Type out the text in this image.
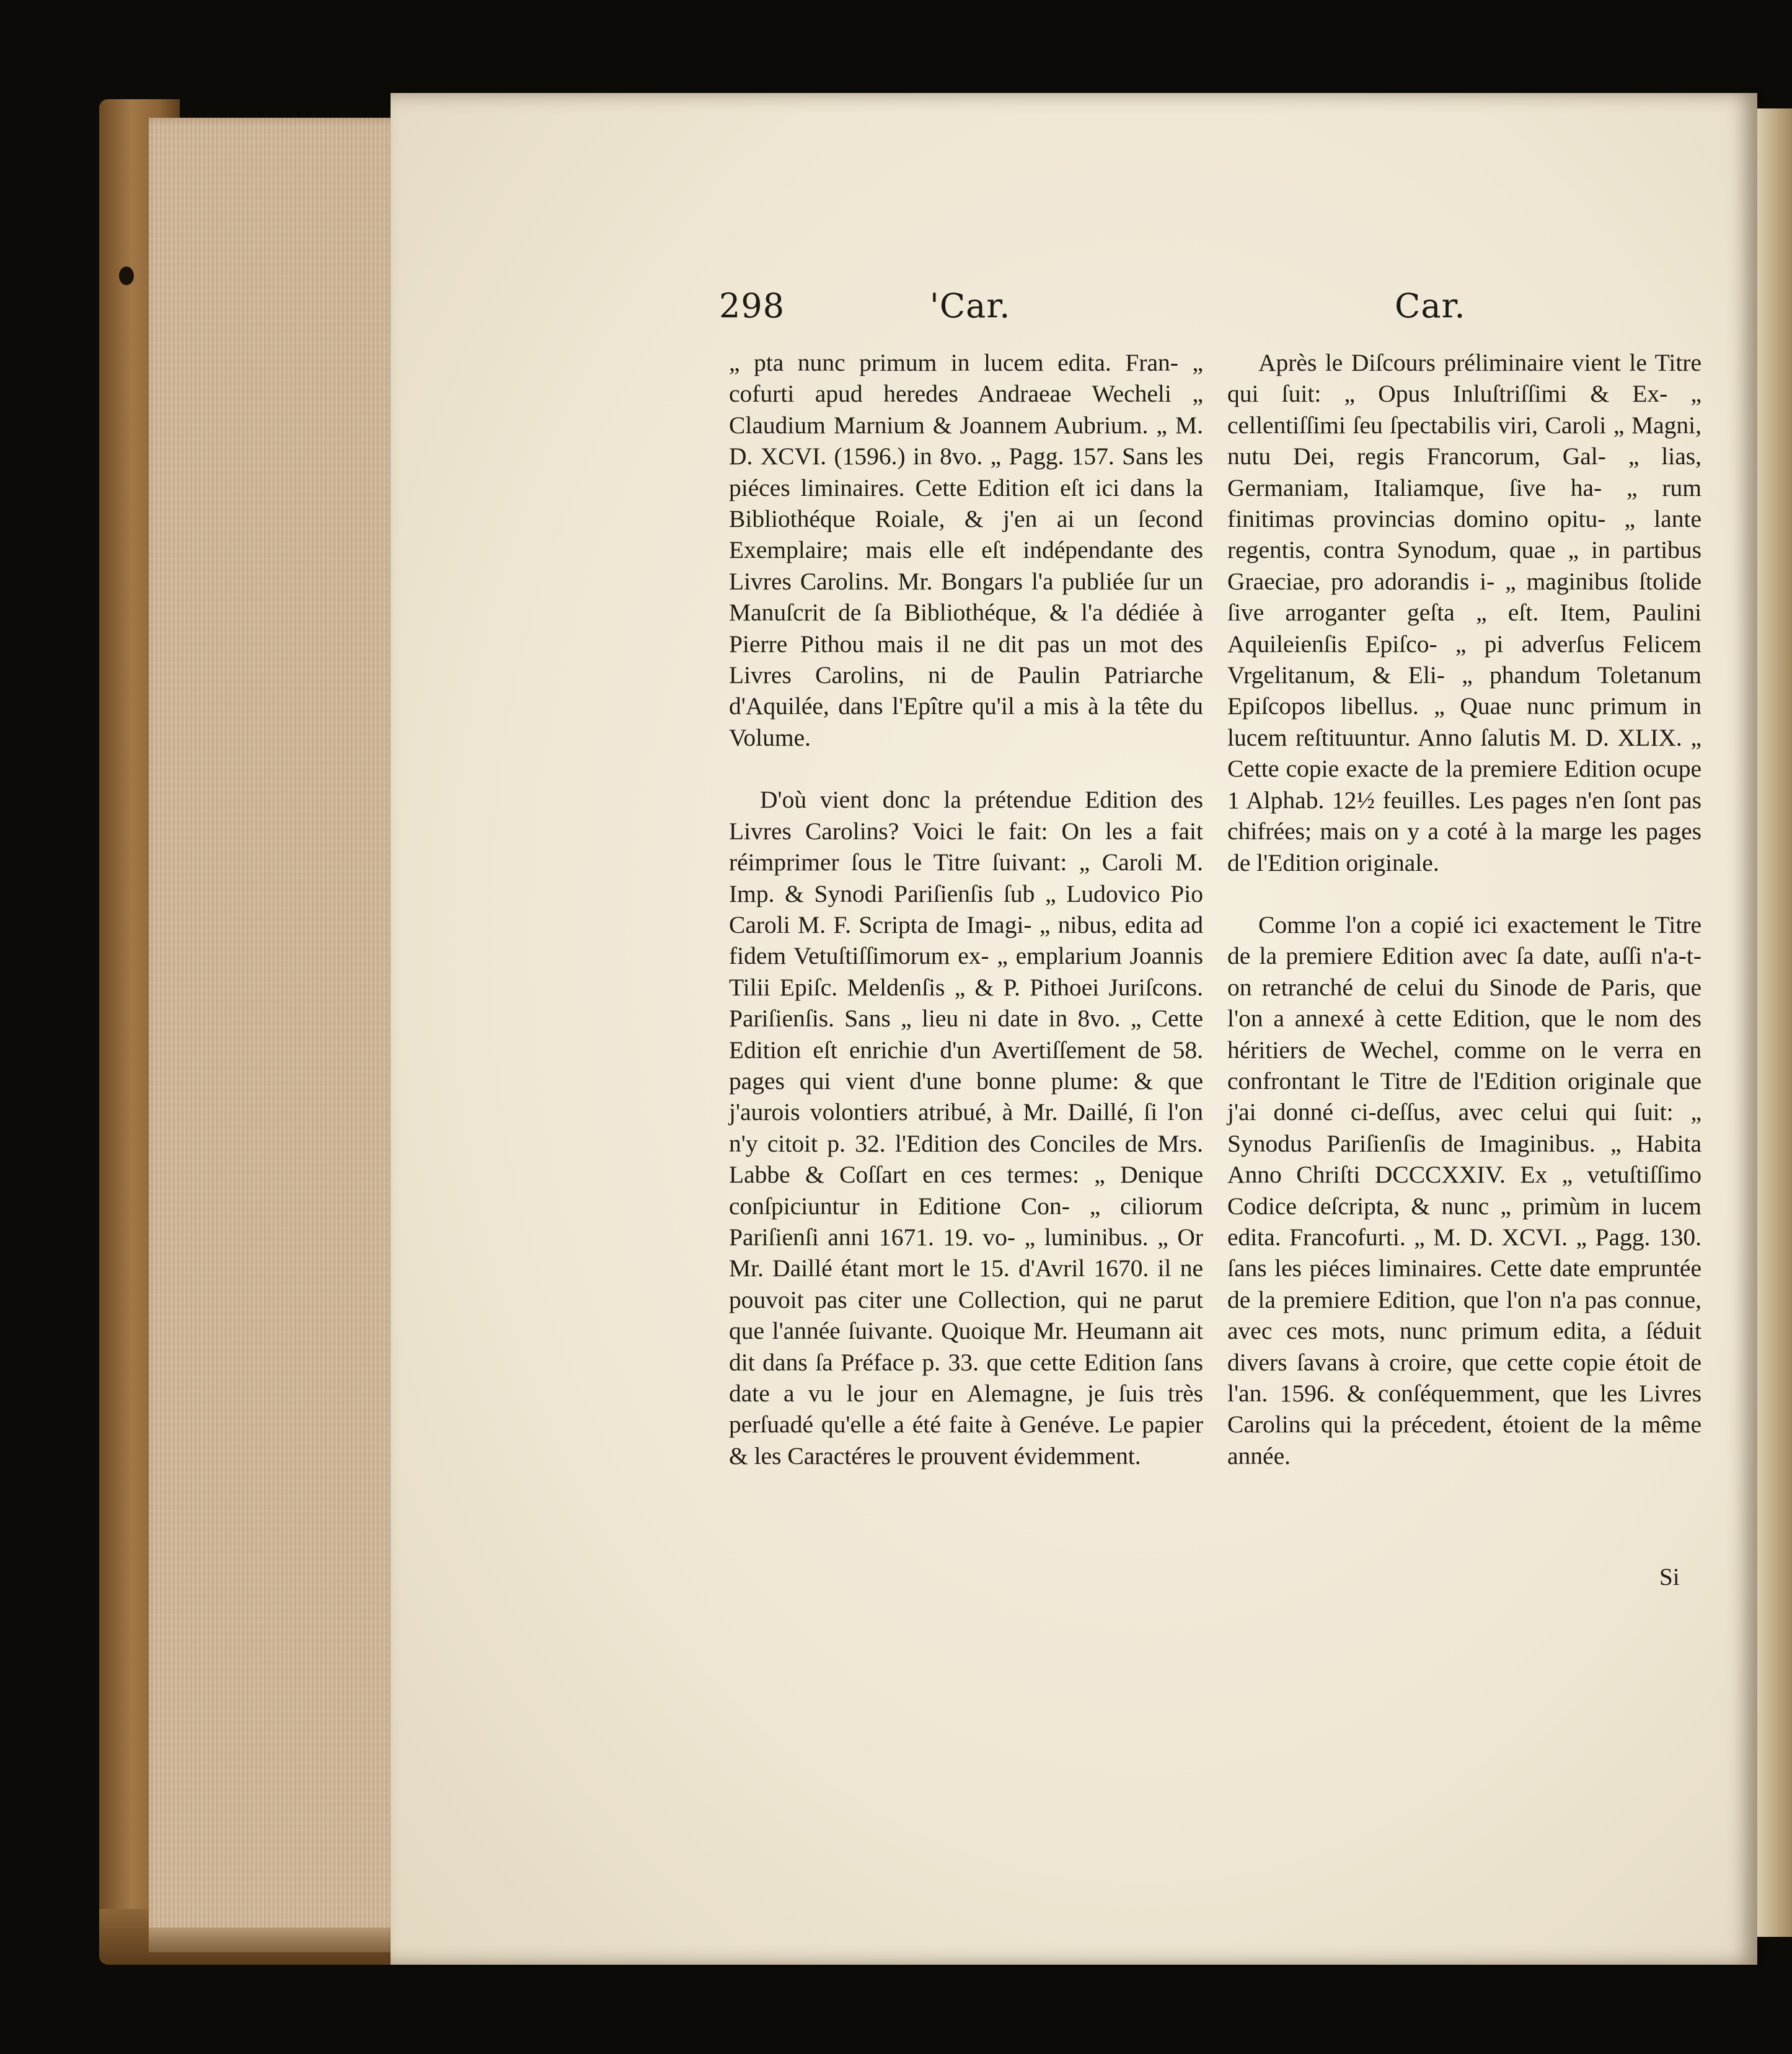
298	'Car.	Car.

„ pta nunc primum in lucem edita. Fran- „ cofurti apud heredes Andraeae Wecheli „ Claudium Marnium & Joannem Aubrium. „ M. D. XCVI. (1596.) in 8vo. „ Pagg. 157. Sans les piéces liminaires. Cette Edition eſt ici dans la Bibliothéque Roiale, & j'en ai un ſecond Exemplaire; mais elle eſt indépendante des Livres Carolins. Mr. Bongars l'a publiée ſur un Manuſcrit de ſa Bibliothéque, & l'a dédiée à Pierre Pithou mais il ne dit pas un mot des Livres Carolins, ni de Paulin Patriarche d'Aquilée, dans l'Epître qu'il a mis à la tête du Volume.

D'où vient donc la prétendue Edition des Livres Carolins? Voici le fait: On les a fait réimprimer ſous le Titre ſuivant: „ Caroli M. Imp. & Synodi Pariſienſis ſub „ Ludovico Pio Caroli M. F. Scripta de Imagi- „ nibus, edita ad fidem Vetuſtiſſimorum ex- „ emplarium Joannis Tilii Epiſc. Meldenſis „ & P. Pithoei Juriſcons. Pariſienſis. Sans „ lieu ni date in 8vo. „ Cette Edition eſt enrichie d'un Avertiſſement de 58. pages qui vient d'une bonne plume: & que j'aurois volontiers atribué, à Mr. Daillé, ſi l'on n'y citoit p. 32. l'Edition des Conciles de Mrs. Labbe & Coſſart en ces termes: „ Denique conſpiciuntur in Editione Con- „ ciliorum Pariſienſi anni 1671. 19. vo- „ luminibus. „ Or Mr. Daillé étant mort le 15. d'Avril 1670. il ne pouvoit pas citer une Collection, qui ne parut que l'année ſuivante. Quoique Mr. Heumann ait dit dans ſa Préface p. 33. que cette Edition ſans date a vu le jour en Alemagne, je ſuis très perſuadé qu'elle a été faite à Genéve. Le papier & les Caractéres le prouvent évidemment.

Après le Diſcours préliminaire vient le Titre qui ſuit: „ Opus Inluſtriſſimi & Ex- „ cellentiſſimi ſeu ſpectabilis viri, Caroli „ Magni, nutu Dei, regis Francorum, Gal- „ lias, Germaniam, Italiamque, ſive ha- „ rum finitimas provincias domino opitu- „ lante regentis, contra Synodum, quae „ in partibus Graeciae, pro adorandis i- „ maginibus ſtolide ſive arroganter geſta „ eſt. Item, Paulini Aquileienſis Epiſco- „ pi adverſus Felicem Vrgelitanum, & Eli- „ phandum Toletanum Epiſcopos libellus. „ Quae nunc primum in lucem reſtituuntur. Anno ſalutis M. D. XLIX. „ Cette copie exacte de la premiere Edition ocupe 1 Alphab. 12½ feuilles. Les pages n'en ſont pas chifrées; mais on y a coté à la marge les pages de l'Edition originale.

Comme l'on a copié ici exactement le Titre de la premiere Edition avec ſa date, auſſi n'a-t-on retranché de celui du Sinode de Paris, que l'on a annexé à cette Edition, que le nom des héritiers de Wechel, comme on le verra en confrontant le Titre de l'Edition originale que j'ai donné ci-deſſus, avec celui qui ſuit: „ Synodus Pariſienſis de Imaginibus. „ Habita Anno Chriſti DCCCXXIV. Ex „ vetuſtiſſimo Codice deſcripta, & nunc „ primùm in lucem edita. Francofurti. „ M. D. XCVI. „ Pagg. 130. ſans les piéces liminaires. Cette date empruntée de la premiere Edition, que l'on n'a pas connue, avec ces mots, nunc primum edita, a ſéduit divers ſavans à croire, que cette copie étoit de l'an. 1596. & conſéquemment, que les Livres Carolins qui la précedent, étoient de la même année.

Si
